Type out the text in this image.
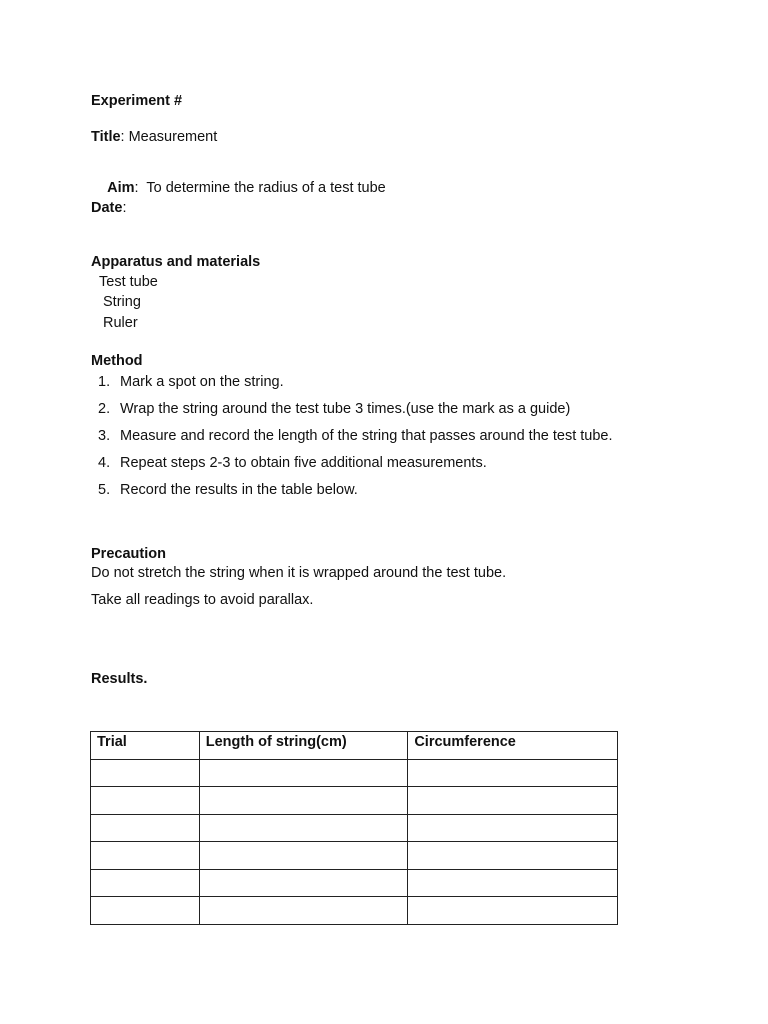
Experiment #
Title: Measurement

Aim:  To determine the radius of a test tube

Date:
Apparatus and materials
Test tube
String
Ruler
Method
1. Mark a spot on the string.
2. Wrap the string around the test tube 3 times.(use the mark as a guide)
3. Measure and record the length of the string that passes around the test tube.
4. Repeat steps 2-3 to obtain five additional measurements.
5. Record the results in the table below.
Precaution
Do not stretch the string when it is wrapped around the test tube.
Take all readings to avoid parallax.
Results.
Trial	Length of string(cm)	Circumference
